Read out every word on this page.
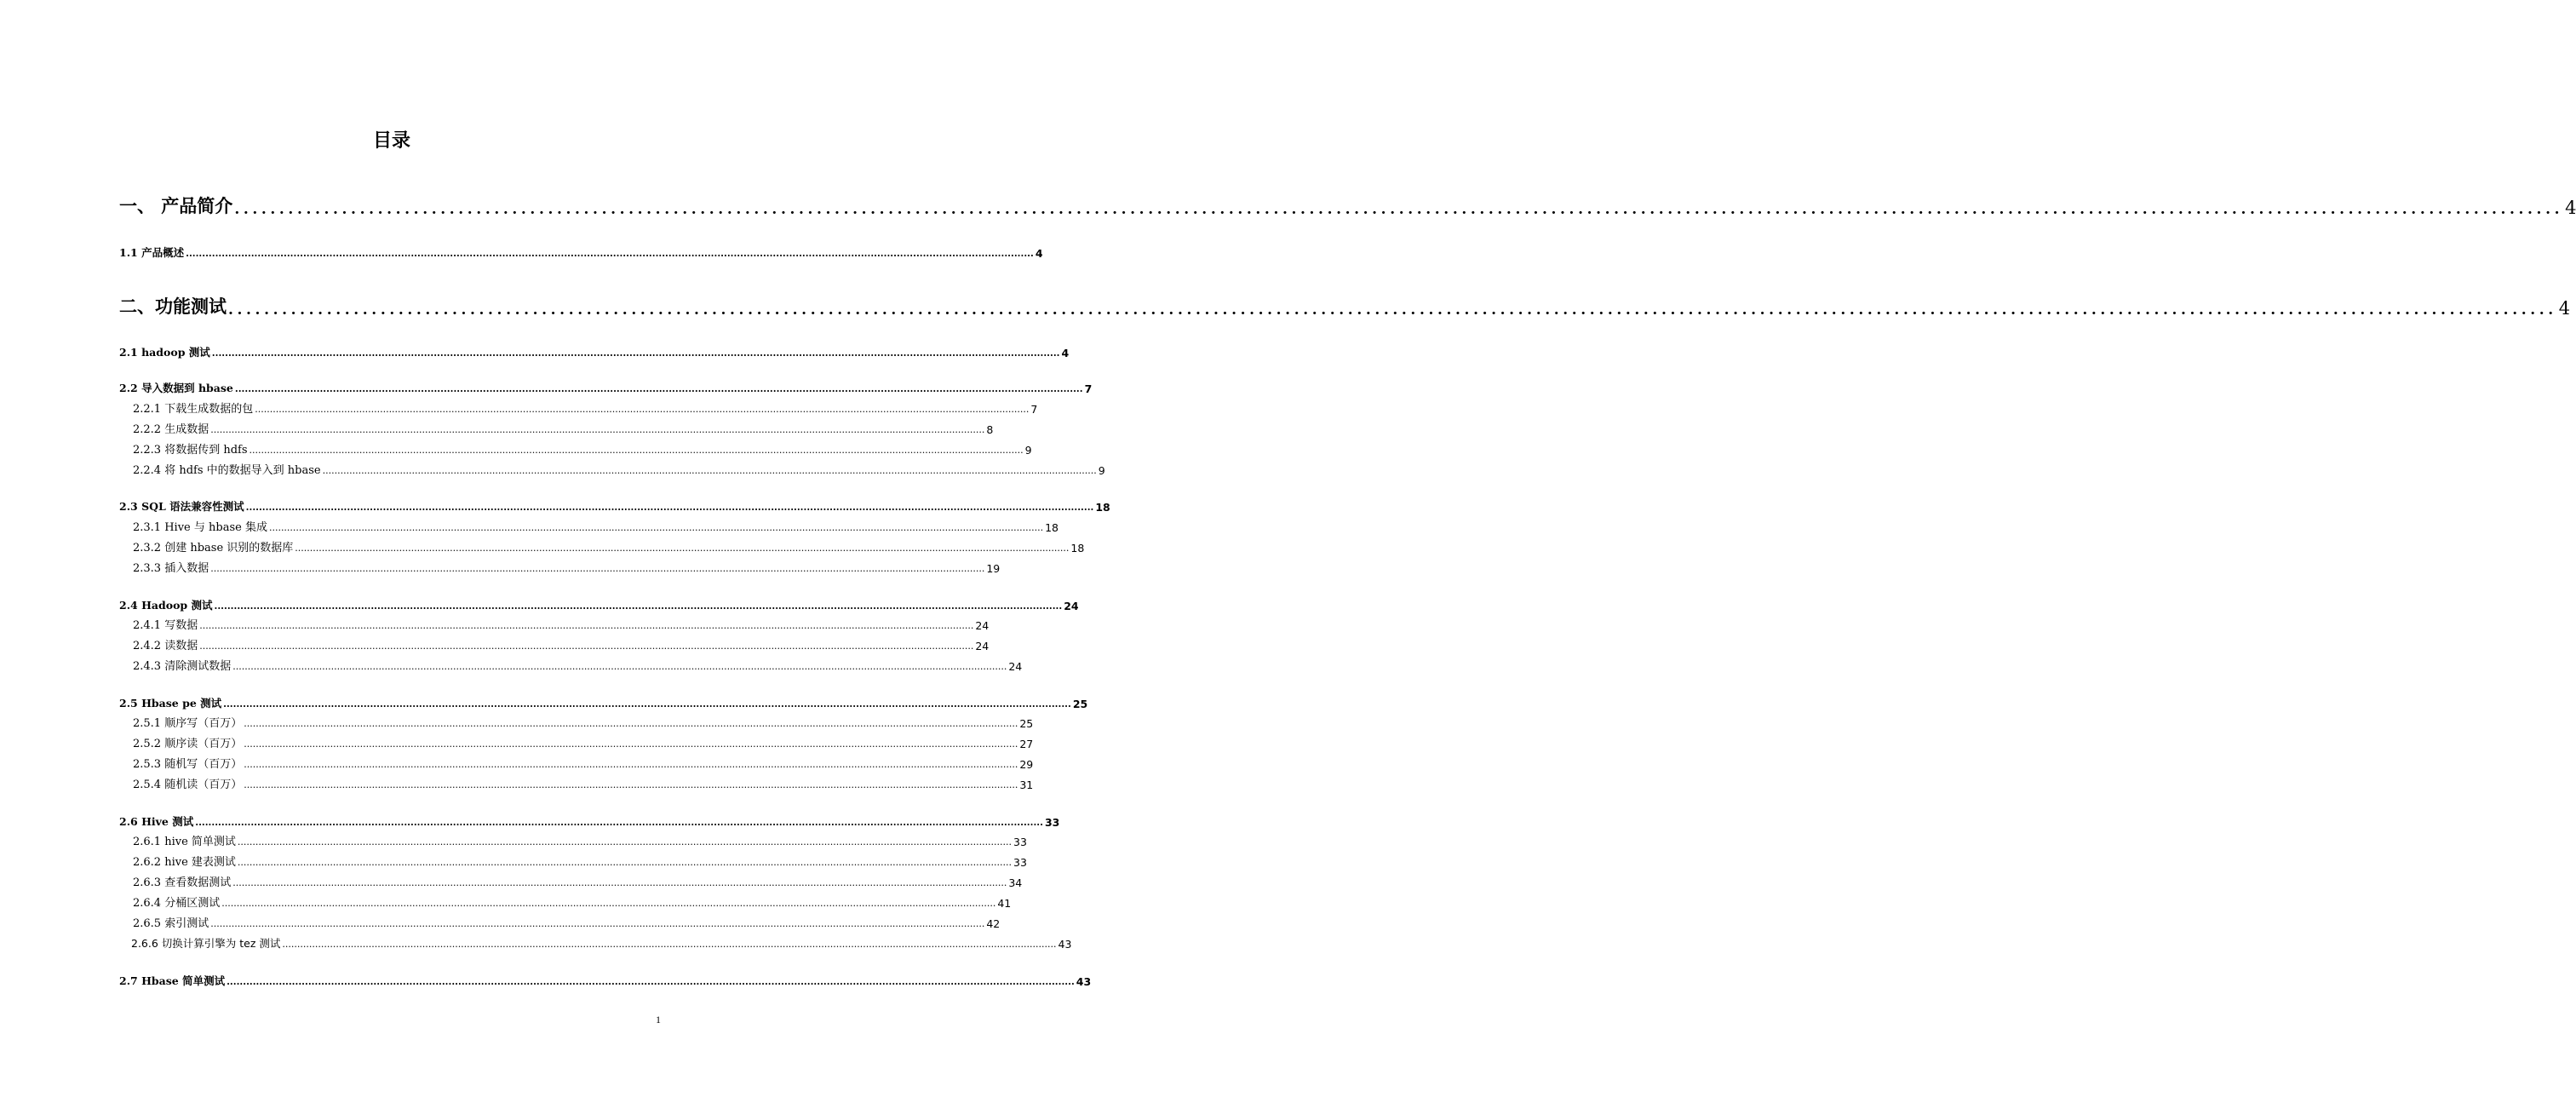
目录
一、 产品简介 .................................................................................................................................................................................................................................................................... 4
1.1 产品概述 .................................................................................................................................................................................................................................................................... 4
二、功能测试 .................................................................................................................................................................................................................................................................... 4
2.1 hadoop 测试 .................................................................................................................................................................................................................................................................... 4
2.2 导入数据到 hbase .................................................................................................................................................................................................................................................................... 7
2.2.1 下载生成数据的包 .................................................................................................................................................................................................................................................................... 7
2.2.2 生成数据 .................................................................................................................................................................................................................................................................... 8
2.2.3 将数据传到 hdfs .................................................................................................................................................................................................................................................................... 9
2.2.4 将 hdfs 中的数据导入到 hbase .................................................................................................................................................................................................................................................................... 9
2.3 SQL 语法兼容性测试 .................................................................................................................................................................................................................................................................... 18
2.3.1 Hive 与 hbase 集成 .................................................................................................................................................................................................................................................................... 18
2.3.2 创建 hbase 识别的数据库 .................................................................................................................................................................................................................................................................... 18
2.3.3 插入数据 .................................................................................................................................................................................................................................................................... 19
2.4 Hadoop 测试 .................................................................................................................................................................................................................................................................... 24
2.4.1 写数据 .................................................................................................................................................................................................................................................................... 24
2.4.2 读数据 .................................................................................................................................................................................................................................................................... 24
2.4.3 清除测试数据 .................................................................................................................................................................................................................................................................... 24
2.5 Hbase pe 测试 .................................................................................................................................................................................................................................................................... 25
2.5.1 顺序写（百万） .................................................................................................................................................................................................................................................................... 25
2.5.2 顺序读（百万） .................................................................................................................................................................................................................................................................... 27
2.5.3 随机写（百万） .................................................................................................................................................................................................................................................................... 29
2.5.4 随机读（百万） .................................................................................................................................................................................................................................................................... 31
2.6 Hive 测试 .................................................................................................................................................................................................................................................................... 33
2.6.1 hive 简单测试 .................................................................................................................................................................................................................................................................... 33
2.6.2 hive 建表测试 .................................................................................................................................................................................................................................................................... 33
2.6.3 查看数据测试 .................................................................................................................................................................................................................................................................... 34
2.6.4 分桶区测试 .................................................................................................................................................................................................................................................................... 41
2.6.5 索引测试 .................................................................................................................................................................................................................................................................... 42
2.6.6 切换计算引擎为 tez 测试 .................................................................................................................................................................................................................................................................... 43
2.7 Hbase 简单测试 .................................................................................................................................................................................................................................................................... 43
1
